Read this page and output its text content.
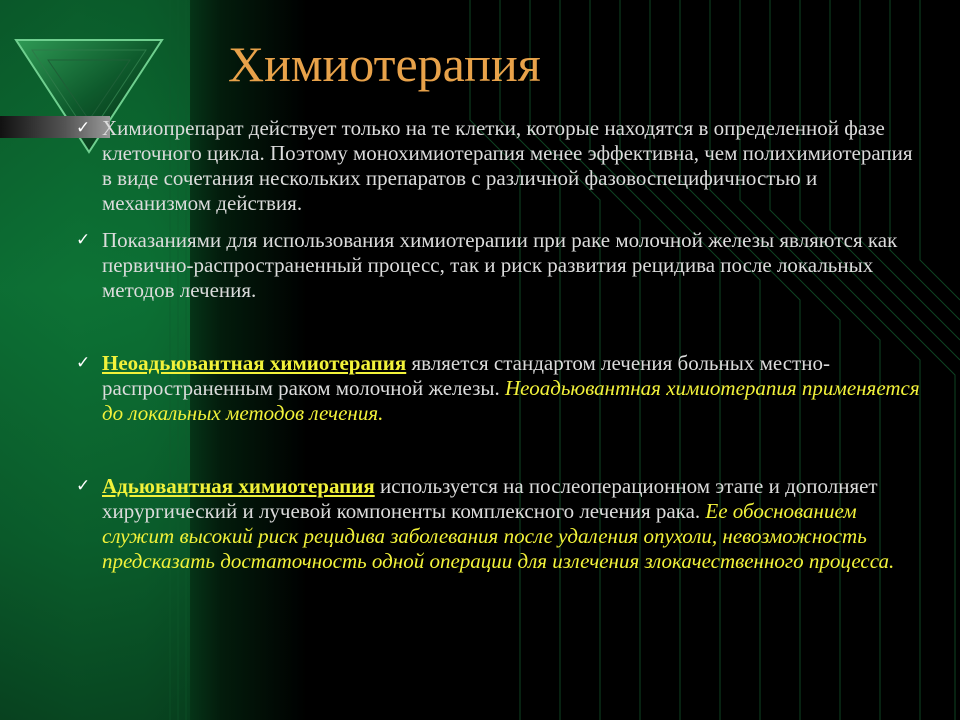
Химиотерапия
✓ Химиопрепарат действует только на те клетки, которые находятся в определенной фазе клеточного цикла. Поэтому монохимиотерапия менее эффективна, чем полихимиотерапия в виде сочетания нескольких препаратов с различной фазовоспецифичностью и механизмом действия.
✓ Показаниями для использования химиотерапии при раке молочной железы являются как первично-распространенный процесс, так и риск развития рецидива после локальных методов лечения.
✓ Неоадьювантная химиотерапия является стандартом лечения больных местно-распространенным раком молочной железы. Неоадьювантная химиотерапия применяется до локальных методов лечения.
✓ Адьювантная химиотерапия используется на послеоперационном этапе и дополняет хирургический и лучевой компоненты комплексного лечения рака. Ее обоснованием служит высокий риск рецидива заболевания после удаления опухоли, невозможность предсказать достаточность одной операции для излечения злокачественного процесса.
